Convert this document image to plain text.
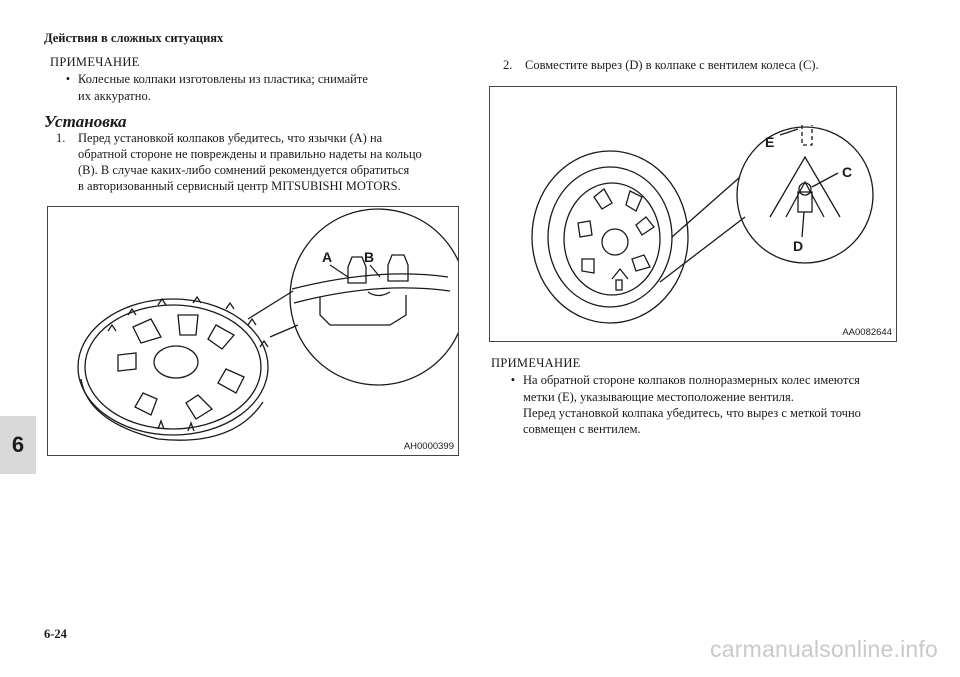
Действия в сложных ситуациях
ПРИМЕЧАНИЕ
• Колесные колпаки изготовлены из пластика; снимайте
их аккуратно.
Установка
1. Перед установкой колпаков убедитесь, что язычки (A) на
обратной стороне не повреждены и правильно надеты на кольцо
(B). В случае каких-либо сомнений рекомендуется обратиться
в авторизованный сервисный центр MITSUBISHI MOTORS.
A B
AH0000399
2. Совместите вырез (D) в колпаке с вентилем колеса (C).
E
C
D
AA0082644
ПРИМЕЧАНИЕ
• На обратной стороне колпаков полноразмерных колес имеются
метки (E), указывающие местоположение вентиля.
Перед установкой колпака убедитесь, что вырез с меткой точно
совмещен с вентилем.
6
6-24
carmanualsonline.info
